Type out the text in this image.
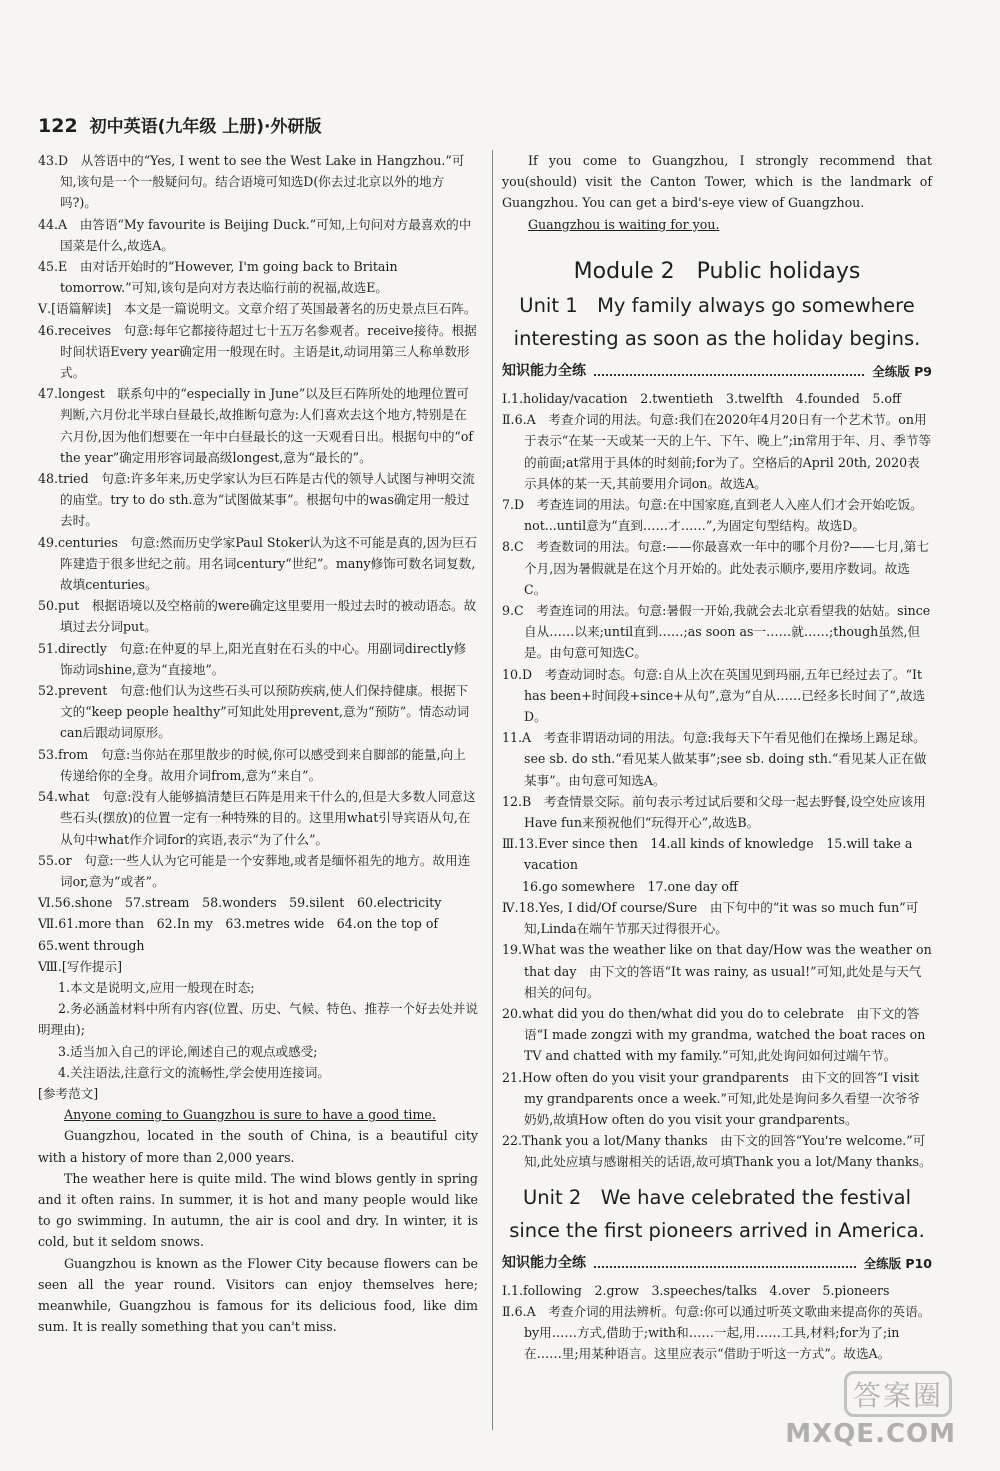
122 初中英语(九年级 上册)·外研版

43.D　从答语中的“Yes, I went to see the West Lake in Hangzhou.”可知,该句是一个一般疑问句。结合语境可知选D(你去过北京以外的地方吗?)。

44.A　由答语“My favourite is Beijing Duck.”可知,上句问对方最喜欢的中国菜是什么,故选A。

45.E　由对话开始时的“However, I'm going back to Britain tomorrow.”可知,该句是向对方表达临行前的祝福,故选E。

Ⅴ.[语篇解读]　本文是一篇说明文。文章介绍了英国最著名的历史景点巨石阵。

46.receives　句意:每年它都接待超过七十五万名参观者。receive接待。根据时间状语Every year确定用一般现在时。主语是it,动词用第三人称单数形式。

47.longest　联系句中的“especially in June”以及巨石阵所处的地理位置可判断,六月份北半球白昼最长,故推断句意为:人们喜欢去这个地方,特别是在六月份,因为他们想要在一年中白昼最长的这一天观看日出。根据句中的“of the year”确定用形容词最高级longest,意为“最长的”。

48.tried　句意:许多年来,历史学家认为巨石阵是古代的领导人试图与神明交流的庙堂。try to do sth.意为“试图做某事”。根据句中的was确定用一般过去时。

49.centuries　句意:然而历史学家Paul Stoker认为这不可能是真的,因为巨石阵建造于很多世纪之前。用名词century“世纪”。many修饰可数名词复数,故填centuries。

50.put　根据语境以及空格前的were确定这里要用一般过去时的被动语态。故填过去分词put。

51.directly　句意:在仲夏的早上,阳光直射在石头的中心。用副词directly修饰动词shine,意为“直接地”。

52.prevent　句意:他们认为这些石头可以预防疾病,使人们保持健康。根据下文的“keep people healthy”可知此处用prevent,意为“预防”。情态动词can后跟动词原形。

53.from　句意:当你站在那里散步的时候,你可以感受到来自脚部的能量,向上传递给你的全身。故用介词from,意为“来自”。

54.what　句意:没有人能够搞清楚巨石阵是用来干什么的,但是大多数人同意这些石头(摆放)的位置一定有一种特殊的目的。这里用what引导宾语从句,在从句中what作介词for的宾语,表示“为了什么”。

55.or　句意:一些人认为它可能是一个安葬地,或者是缅怀祖先的地方。故用连词or,意为“或者”。

Ⅵ.56.shone　57.stream　58.wonders　59.silent　60.electricity

Ⅶ.61.more than　62.In my　63.metres wide　64.on the top of

65.went through

Ⅷ.[写作提示]

1.本文是说明文,应用一般现在时态;

2.务必涵盖材料中所有内容(位置、历史、气候、特色、推荐一个好去处并说明理由);

3.适当加入自己的评论,阐述自己的观点或感受;

4.关注语法,注意行文的流畅性,学会使用连接词。

[参考范文]

Anyone coming to Guangzhou is sure to have a good time.

Guangzhou, located in the south of China, is a beautiful city with a history of more than 2,000 years.

The weather here is quite mild. The wind blows gently in spring and it often rains. In summer, it is hot and many people would like to go swimming. In autumn, the air is cool and dry. In winter, it is cold, but it seldom snows.

Guangzhou is known as the Flower City because flowers can be seen all the year round. Visitors can enjoy themselves here; meanwhile, Guangzhou is famous for its delicious food, like dim sum. It is really something that you can't miss.

If you come to Guangzhou, I strongly recommend that you(should) visit the Canton Tower, which is the landmark of Guangzhou. You can get a bird's-eye view of Guangzhou.

Guangzhou is waiting for you.

Module 2　Public holidays

Unit 1　My family always go somewhere

interesting as soon as the holiday begins.

知识能力全练	全练版 P9

Ⅰ.1.holiday/vacation　2.twentieth　3.twelfth　4.founded　5.off

Ⅱ.6.A　考查介词的用法。句意:我们在2020年4月20日有一个艺术节。on用于表示“在某一天或某一天的上午、下午、晚上”;in常用于年、月、季节等的前面;at常用于具体的时刻前;for为了。空格后的April 20th, 2020表示具体的某一天,其前要用介词on。故选A。

7.D　考查连词的用法。句意:在中国家庭,直到老人入座人们才会开始吃饭。not...until意为“直到……才……”,为固定句型结构。故选D。

8.C　考查数词的用法。句意:——你最喜欢一年中的哪个月份?——七月,第七个月,因为暑假就是在这个月开始的。此处表示顺序,要用序数词。故选C。

9.C　考查连词的用法。句意:暑假一开始,我就会去北京看望我的姑姑。since自从……以来;until直到……;as soon as一……就……;though虽然,但是。由句意可知选C。

10.D　考查动词时态。句意:自从上次在英国见到玛丽,五年已经过去了。“It has been+时间段+since+从句”,意为“自从……已经多长时间了”,故选D。

11.A　考查非谓语动词的用法。句意:我每天下午看见他们在操场上踢足球。see sb. do sth.“看见某人做某事”;see sb. doing sth.“看见某人正在做某事”。由句意可知选A。

12.B　考查情景交际。前句表示考过试后要和父母一起去野餐,设空处应该用Have fun来预祝他们“玩得开心”,故选B。

Ⅲ.13.Ever since then　14.all kinds of knowledge　15.will take a vacation

16.go somewhere　17.one day off

Ⅳ.18.Yes, I did/Of course/Sure　由下句中的“it was so much fun”可知,Linda在端午节那天过得很开心。

19.What was the weather like on that day/How was the weather on that day　由下文的答语“It was rainy, as usual!”可知,此处是与天气相关的问句。

20.what did you do then/what did you do to celebrate　由下文的答语“I made zongzi with my grandma, watched the boat races on TV and chatted with my family.”可知,此处询问如何过端午节。

21.How often do you visit your grandparents　由下文的回答“I visit my grandparents once a week.”可知,此处是询问多久看望一次爷爷奶奶,故填How often do you visit your grandparents。

22.Thank you a lot/Many thanks　由下文的回答“You're welcome.”可知,此处应填与感谢相关的话语,故可填Thank you a lot/Many thanks。

Unit 2　We have celebrated the festival

since the first pioneers arrived in America.

知识能力全练	全练版 P10

Ⅰ.1.following　2.grow　3.speeches/talks　4.over　5.pioneers

Ⅱ.6.A　考查介词的用法辨析。句意:你可以通过听英文歌曲来提高你的英语。by用……方式,借助于;with和……一起,用……工具,材料;for为了;in在……里;用某种语言。这里应表示“借助于听这一方式”。故选A。

答案圈
MXQE.COM
